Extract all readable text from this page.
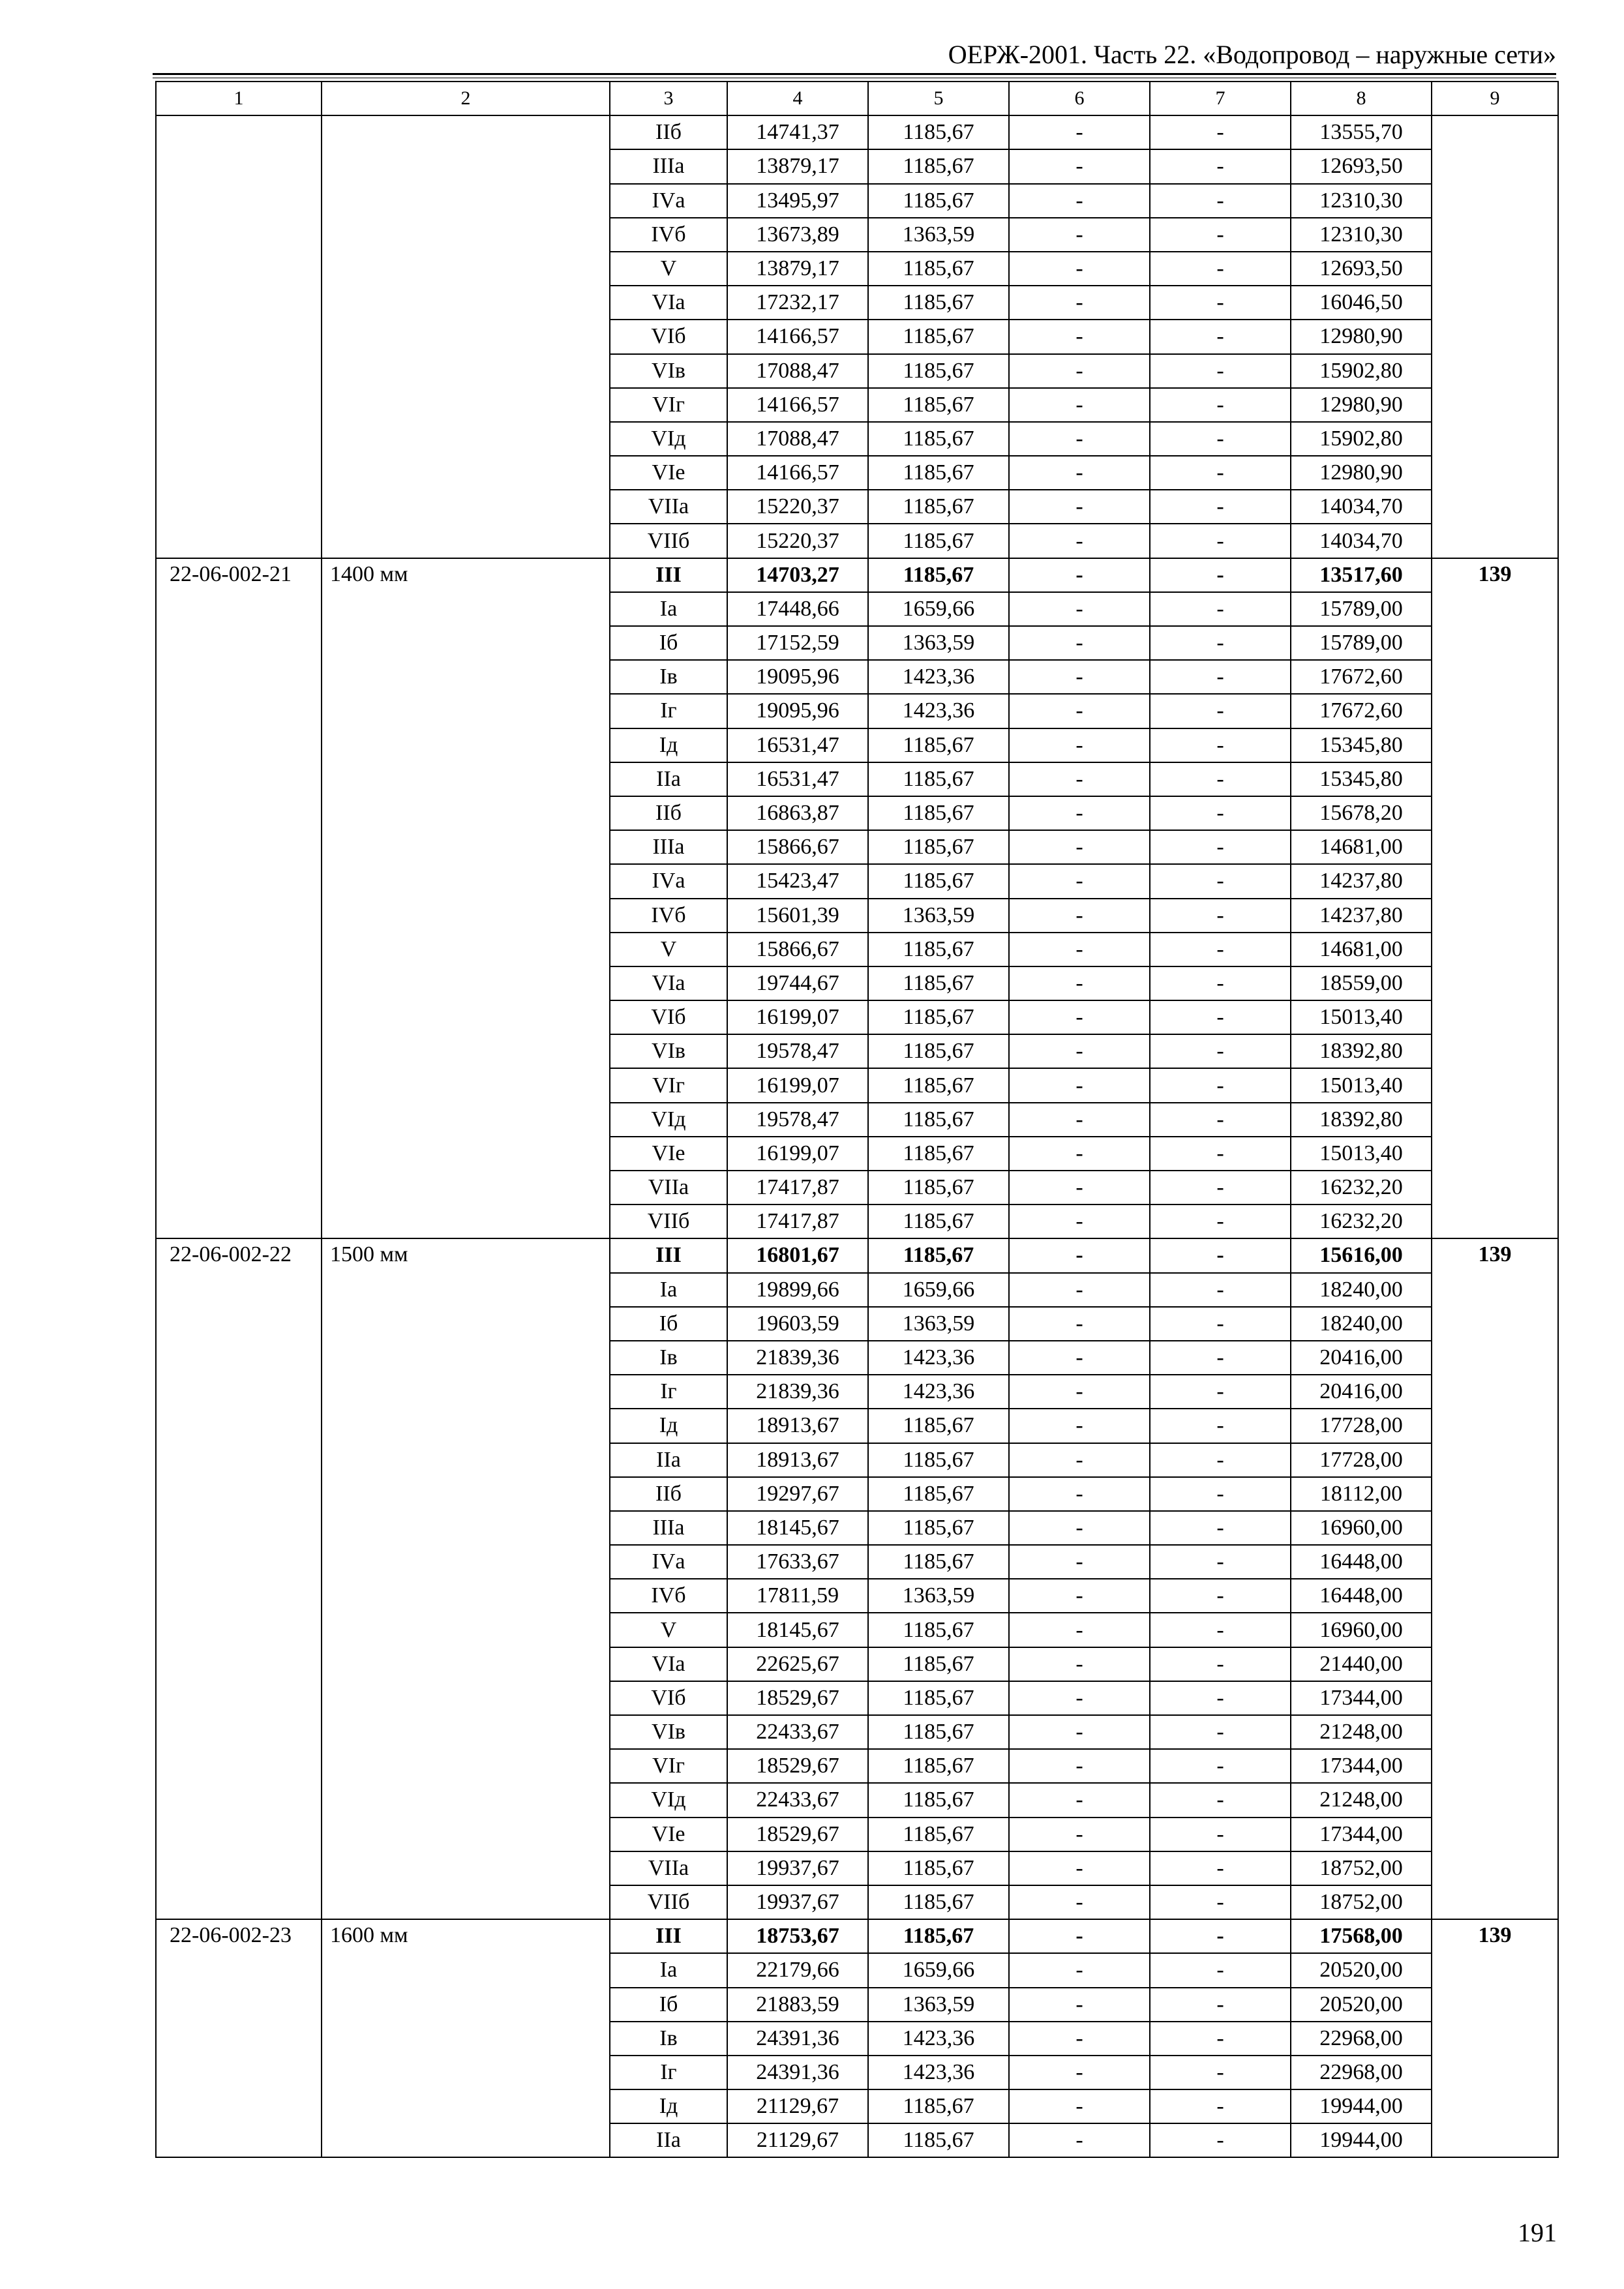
ОЕРЖ-2001. Часть 22. «Водопровод – наружные сети»
1	2	3	4	5	6	7	8	9
		IIб	14741,37	1185,67	-	-	13555,70	
		IIIа	13879,17	1185,67	-	-	12693,50	
		IVа	13495,97	1185,67	-	-	12310,30	
		IVб	13673,89	1363,59	-	-	12310,30	
		V	13879,17	1185,67	-	-	12693,50	
		VIа	17232,17	1185,67	-	-	16046,50	
		VIб	14166,57	1185,67	-	-	12980,90	
		VIв	17088,47	1185,67	-	-	15902,80	
		VIг	14166,57	1185,67	-	-	12980,90	
		VIд	17088,47	1185,67	-	-	15902,80	
		VIе	14166,57	1185,67	-	-	12980,90	
		VIIа	15220,37	1185,67	-	-	14034,70	
		VIIб	15220,37	1185,67	-	-	14034,70	
22-06-002-21	1400 мм	III	14703,27	1185,67	-	-	13517,60	139
		Iа	17448,66	1659,66	-	-	15789,00	
		Iб	17152,59	1363,59	-	-	15789,00	
		Iв	19095,96	1423,36	-	-	17672,60	
		Iг	19095,96	1423,36	-	-	17672,60	
		Iд	16531,47	1185,67	-	-	15345,80	
		IIа	16531,47	1185,67	-	-	15345,80	
		IIб	16863,87	1185,67	-	-	15678,20	
		IIIа	15866,67	1185,67	-	-	14681,00	
		IVа	15423,47	1185,67	-	-	14237,80	
		IVб	15601,39	1363,59	-	-	14237,80	
		V	15866,67	1185,67	-	-	14681,00	
		VIа	19744,67	1185,67	-	-	18559,00	
		VIб	16199,07	1185,67	-	-	15013,40	
		VIв	19578,47	1185,67	-	-	18392,80	
		VIг	16199,07	1185,67	-	-	15013,40	
		VIд	19578,47	1185,67	-	-	18392,80	
		VIе	16199,07	1185,67	-	-	15013,40	
		VIIа	17417,87	1185,67	-	-	16232,20	
		VIIб	17417,87	1185,67	-	-	16232,20	
22-06-002-22	1500 мм	III	16801,67	1185,67	-	-	15616,00	139
		Iа	19899,66	1659,66	-	-	18240,00	
		Iб	19603,59	1363,59	-	-	18240,00	
		Iв	21839,36	1423,36	-	-	20416,00	
		Iг	21839,36	1423,36	-	-	20416,00	
		Iд	18913,67	1185,67	-	-	17728,00	
		IIа	18913,67	1185,67	-	-	17728,00	
		IIб	19297,67	1185,67	-	-	18112,00	
		IIIа	18145,67	1185,67	-	-	16960,00	
		IVа	17633,67	1185,67	-	-	16448,00	
		IVб	17811,59	1363,59	-	-	16448,00	
		V	18145,67	1185,67	-	-	16960,00	
		VIа	22625,67	1185,67	-	-	21440,00	
		VIб	18529,67	1185,67	-	-	17344,00	
		VIв	22433,67	1185,67	-	-	21248,00	
		VIг	18529,67	1185,67	-	-	17344,00	
		VIд	22433,67	1185,67	-	-	21248,00	
		VIе	18529,67	1185,67	-	-	17344,00	
		VIIа	19937,67	1185,67	-	-	18752,00	
		VIIб	19937,67	1185,67	-	-	18752,00	
22-06-002-23	1600 мм	III	18753,67	1185,67	-	-	17568,00	139
		Iа	22179,66	1659,66	-	-	20520,00	
		Iб	21883,59	1363,59	-	-	20520,00	
		Iв	24391,36	1423,36	-	-	22968,00	
		Iг	24391,36	1423,36	-	-	22968,00	
		Iд	21129,67	1185,67	-	-	19944,00	
		IIа	21129,67	1185,67	-	-	19944,00	
191
